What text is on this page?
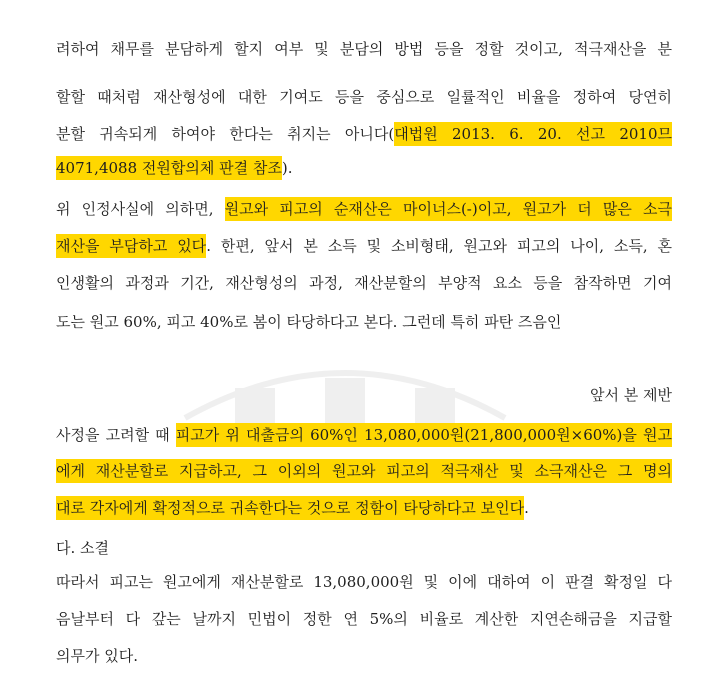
려하여 채무를 분담하게 할지 여부 및 분담의 방법 등을 정할 것이고, 적극재산을 분
할할 때처럼 재산형성에 대한 기여도 등을 중심으로 일률적인 비율을 정하여 당연히
분할 귀속되게 하여야 한다는 취지는 아니다(대법원 2013. 6. 20. 선고 2010므
4071,4088 전원합의체 판결 참조).
위 인정사실에 의하면, 원고와 피고의 순재산은 마이너스(-)이고, 원고가 더 많은 소극
재산을 부담하고 있다. 한편, 앞서 본 소득 및 소비형태, 원고와 피고의 나이, 소득, 혼
인생활의 과정과 기간, 재산형성의 과정, 재산분할의 부양적 요소 등을 참작하면 기여
도는 원고 60%, 피고 40%로 봄이 타당하다고 본다. 그런데 특히 파탄 즈음인
앞서 본 제반
사정을 고려할 때 피고가 위 대출금의 60%인 13,080,000원(21,800,000원×60%)을 원고
에게 재산분할로 지급하고, 그 이외의 원고와 피고의 적극재산 및 소극재산은 그 명의
대로 각자에게 확정적으로 귀속한다는 것으로 정함이 타당하다고 보인다.
다. 소결
따라서 피고는 원고에게 재산분할로 13,080,000원 및 이에 대하여 이 판결 확정일 다
음날부터 다 갚는 날까지 민법이 정한 연 5%의 비율로 계산한 지연손해금을 지급할
의무가 있다.
